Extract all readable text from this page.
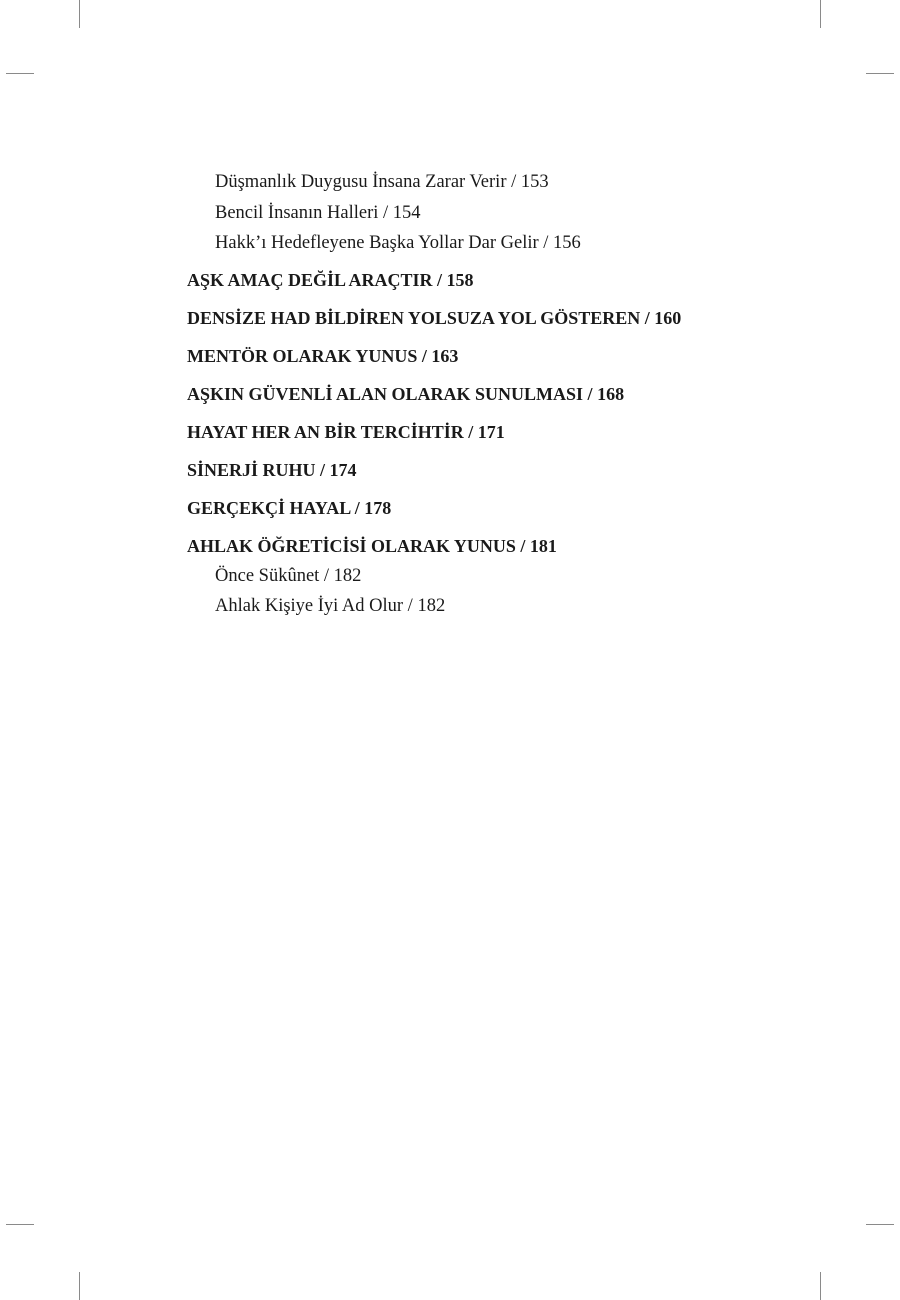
Düşmanlık Duygusu İnsana Zarar Verir / 153

Bencil İnsanın Halleri / 154

Hakk’ı Hedefleyene Başka Yollar Dar Gelir / 156

AŞK AMAÇ DEĞİL ARAÇTIR / 158

DENSİZE HAD BİLDİREN YOLSUZA YOL GÖSTEREN / 160

MENTÖR OLARAK YUNUS / 163

AŞKIN GÜVENLİ ALAN OLARAK SUNULMASI / 168

HAYAT HER AN BİR TERCİHTİR / 171

SİNERJİ RUHU / 174

GERÇEKÇİ HAYAL / 178

AHLAK ÖĞRETİCİSİ OLARAK YUNUS / 181

Önce Sükûnet / 182

Ahlak Kişiye İyi Ad Olur / 182
